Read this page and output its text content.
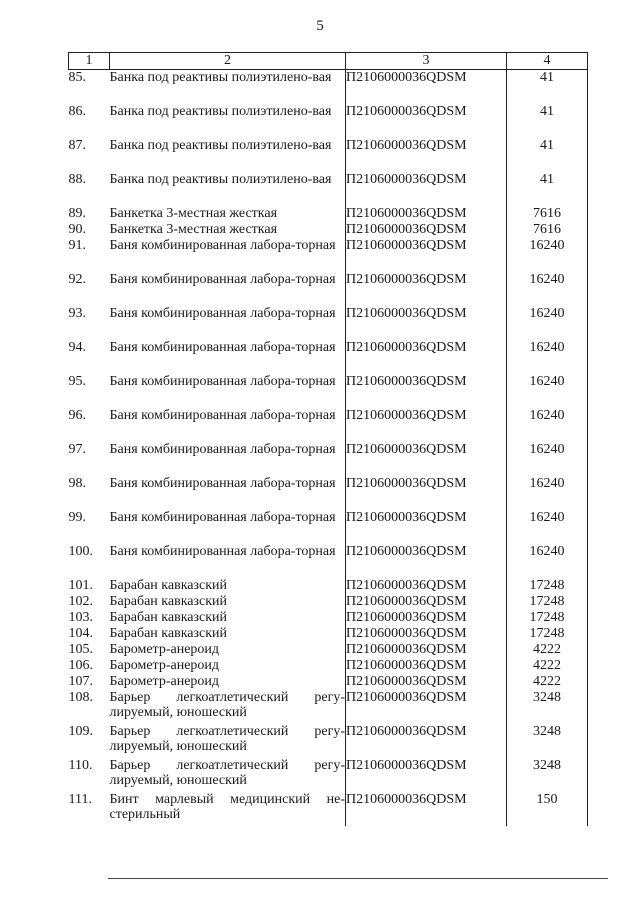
5
1	2	3	4
85.	Банка под реактивы полиэтилено-вая	П2106000036QDSM	41
86.	Банка под реактивы полиэтилено-вая	П2106000036QDSM	41
87.	Банка под реактивы полиэтилено-вая	П2106000036QDSM	41
88.	Банка под реактивы полиэтилено-вая	П2106000036QDSM	41
89.	Банкетка 3-местная жесткая	П2106000036QDSM	7616
90.	Банкетка 3-местная жесткая	П2106000036QDSM	7616
91.	Баня комбинированная лабора-торная	П2106000036QDSM	16240
92.	Баня комбинированная лабора-торная	П2106000036QDSM	16240
93.	Баня комбинированная лабора-торная	П2106000036QDSM	16240
94.	Баня комбинированная лабора-торная	П2106000036QDSM	16240
95.	Баня комбинированная лабора-торная	П2106000036QDSM	16240
96.	Баня комбинированная лабора-торная	П2106000036QDSM	16240
97.	Баня комбинированная лабора-торная	П2106000036QDSM	16240
98.	Баня комбинированная лабора-торная	П2106000036QDSM	16240
99.	Баня комбинированная лабора-торная	П2106000036QDSM	16240
100.	Баня комбинированная лабора-торная	П2106000036QDSM	16240
101.	Барабан кавказский	П2106000036QDSM	17248
102.	Барабан кавказский	П2106000036QDSM	17248
103.	Барабан кавказский	П2106000036QDSM	17248
104.	Барабан кавказский	П2106000036QDSM	17248
105.	Барометр-анероид	П2106000036QDSM	4222
106.	Барометр-анероид	П2106000036QDSM	4222
107.	Барометр-анероид	П2106000036QDSM	4222
108.	Барьер легкоатлетический регу-лируемый, юношеский	П2106000036QDSM	3248
109.	Барьер легкоатлетический регу-лируемый, юношеский	П2106000036QDSM	3248
110.	Барьер легкоатлетический регу-лируемый, юношеский	П2106000036QDSM	3248
111.	Бинт марлевый медицинский не-стерильный	П2106000036QDSM	150
